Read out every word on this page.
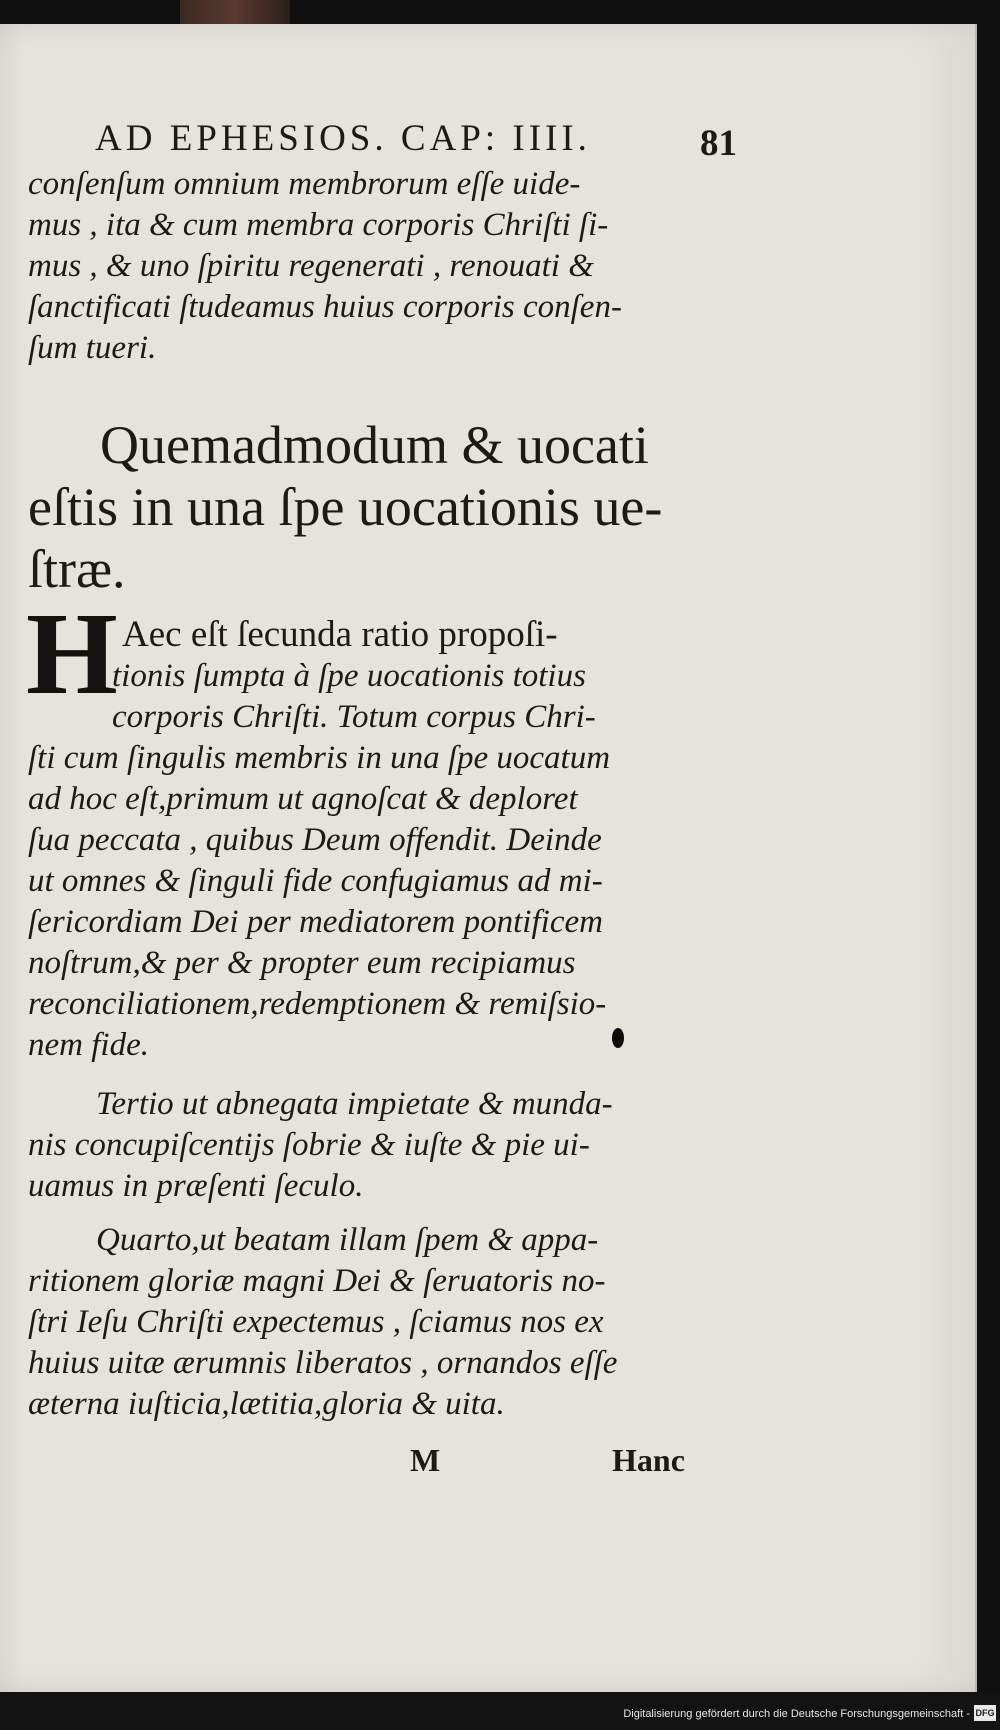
AD EPHESIOS. CAP: IIII.	81
conſenſum omnium membrorum eſſe uide-
mus , ita & cum membra corporis Chriſti ſi-
mus , & uno ſpiritu regenerati , renouati &
ſanctificati ſtudeamus huius corporis conſen-
ſum tueri.
Quemadmodum & uocati
eſtis in una ſpe uocationis ue-
ſtræ.
H Aec eſt ſecunda ratio propoſi-
tionis ſumpta à ſpe uocationis totius
corporis Chriſti. Totum corpus Chri-
ſti cum ſingulis membris in una ſpe uocatum
ad hoc eſt,primum ut agnoſcat & deploret
ſua peccata , quibus Deum offendit. Deinde
ut omnes & ſinguli fide confugiamus ad mi-
ſericordiam Dei per mediatorem pontificem
noſtrum,& per & propter eum recipiamus
reconciliationem,redemptionem & remiſsio-
nem fide.
Tertio ut abnegata impietate & munda-
nis concupiſcentijs ſobrie & iuſte & pie ui-
uamus in præſenti ſeculo.
Quarto,ut beatam illam ſpem & appa-
ritionem gloriæ magni Dei & ſeruatoris no-
ſtri Ieſu Chriſti expectemus , ſciamus nos ex
huius uitæ ærumnis liberatos , ornandos eſſe
æterna iuſticia,lætitia,gloria & uita.
M	Hanc
Digitalisierung gefördert durch die Deutsche Forschungsgemeinschaft - DFG
